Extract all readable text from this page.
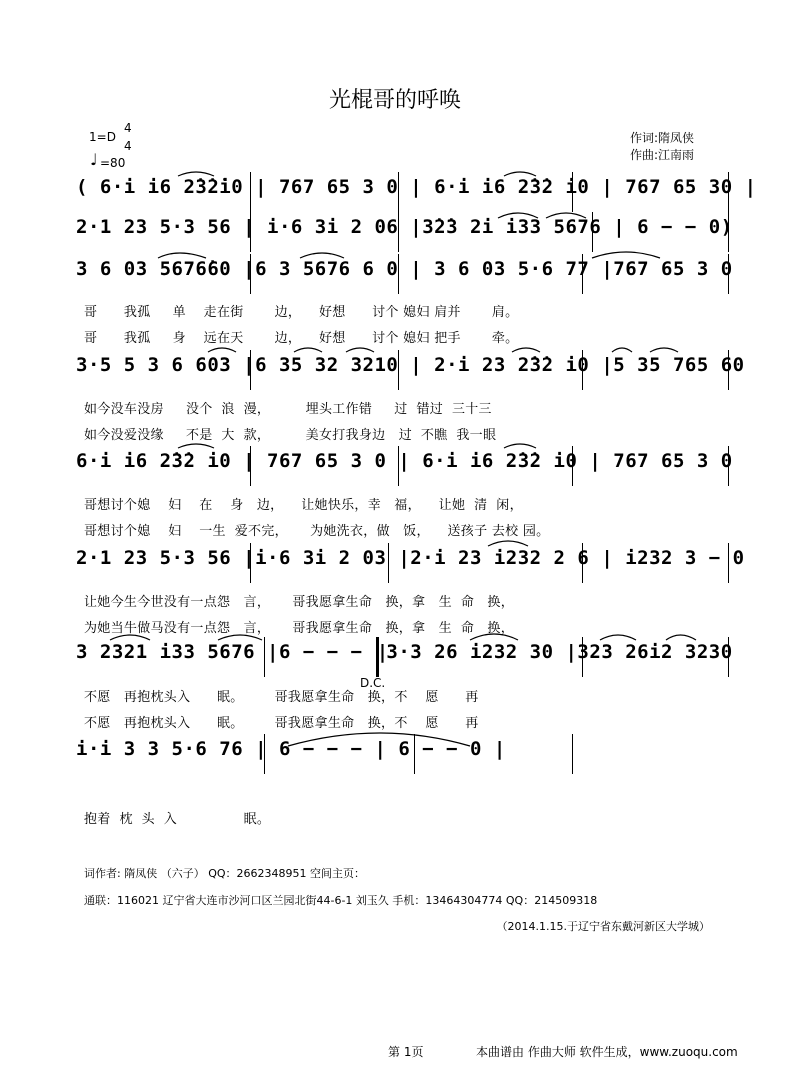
光棍哥的呼唤
1=D
4
4
♩ =80
作词:隋凤侠
作曲:江南雨
( 6·i i6 2̇3̇2̇i0 | 767 65 3 0 | 6·i i6 2̇3̇2 i0 | 767 65 30 |
2·1 23 5·3 56 | i·6 3i 2 06 |3̇2̇3 2i i33 5676 | 6 − − 0)
3 6 03 5676̇60 |6 3 5676 6 0 | 3 6 03 5·6 77 |767 65 3 0
3·5 5 3 6 603 |6 35 32 3210 | 2·i 23 2̇3̇2 i0 |5 35 765 60
6·i i6 2̇3̇2 i0 | 767 65 3 0 | 6·i i6 2̇3̇2 i0 | 767 65 3 0
2·1 23 5·3 56 |i·6 3i 2 03 |2·i 23 i232 2 6 | i232 3 − 0
3 2321 i33 5676 |6 − − − ‖3·3 26 i232 30 |323 26i2 3230
i·i 3 3 5·6 76 | 6 − − − | 6 − − 0 |
哥      我孤     单    走在街       边，    好想      讨个 媳妇 肩并       肩。
哥      我孤     身    远在天       边，    好想      讨个 媳妇 把手       牵。
如今没车没房     没个  浪  漫，        埋头工作错     过  错过  三十三
如今没爱没缘     不是  大  款，        美女打我身边   过  不瞧  我一眼
哥想讨个媳    妇    在    身   边，    让她快乐，幸   福，    让她  清  闲，
哥想讨个媳    妇    一生  爱不完，     为她洗衣，做   饭，    送孩子 去校 园。
让她今生今世没有一点怨   言，     哥我愿拿生命   换，拿   生  命   换，
为她当牛做马没有一点怨   言，     哥我愿拿生命   换，拿   生  命   换，
D.C.
不愿   再抱枕头入      眠。       哥我愿拿生命   换，不    愿      再
不愿   再抱枕头入      眠。       哥我愿拿生命   换，不    愿      再
抱着  枕  头  入               眠。
词作者: 隋凤侠 （六子） QQ：2662348951 空间主页：
通联：116021 辽宁省大连市沙河口区兰园北街44-6-1 刘玉久 手机：13464304774 QQ：214509318
（2014.1.15.于辽宁省东戴河新区大学城）
第 1页	本曲谱由 作曲大师 软件生成，www.zuoqu.com
